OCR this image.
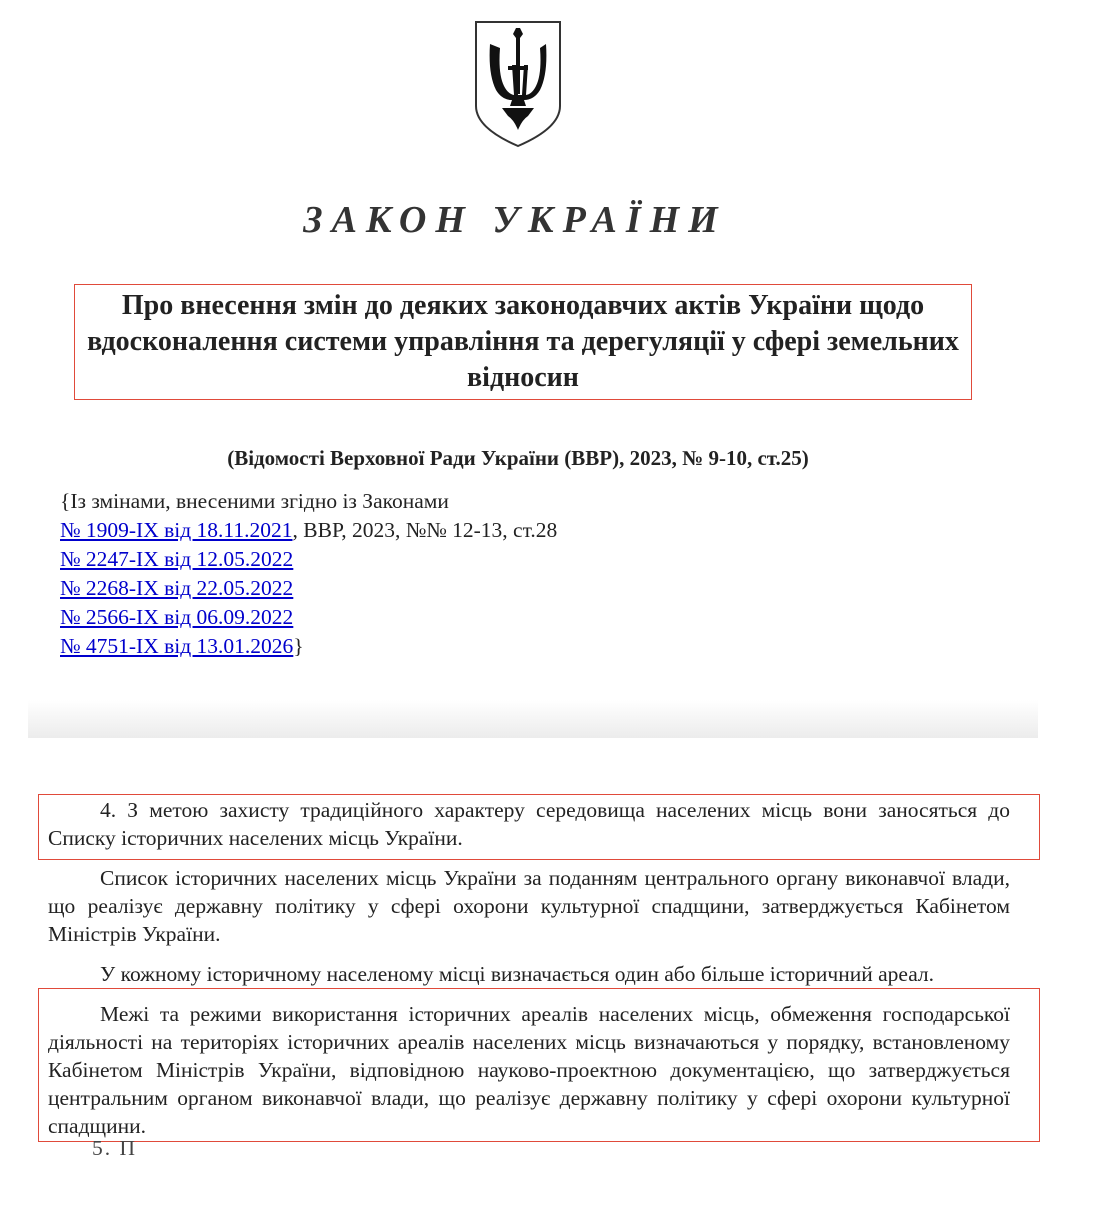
ЗАКОН УКРАЇНИ

Про внесення змін до деяких законодавчих актів України щодо вдосконалення системи управління та дерегуляції у сфері земельних відносин

(Відомості Верховної Ради України (ВВР), 2023, № 9-10, ст.25)
{Із змінами, внесеними згідно із Законами
№ 1909-IX від 18.11.2021, ВВР, 2023, №№ 12-13, ст.28
№ 2247-IX від 12.05.2022
№ 2268-IX від 22.05.2022
№ 2566-IX від 06.09.2022
№ 4751-IX від 13.01.2026}

4. З метою захисту традиційного характеру середовища населених місць вони заносяться до Списку історичних населених місць України.

Список історичних населених місць України за поданням центрального органу виконавчої влади, що реалізує державну політику у сфері охорони культурної спадщини, затверджується Кабінетом Міністрів України.

У кожному історичному населеному місці визначається один або більше історичний ареал.

Межі та режими використання історичних ареалів населених місць, обмеження господарської діяльності на територіях історичних ареалів населених місць визначаються у порядку, встановленому Кабінетом Міністрів України, відповідною науково-проектною документацією, що затверджується центральним органом виконавчої влади, що реалізує державну політику у сфері охорони культурної спадщини.

5. П
